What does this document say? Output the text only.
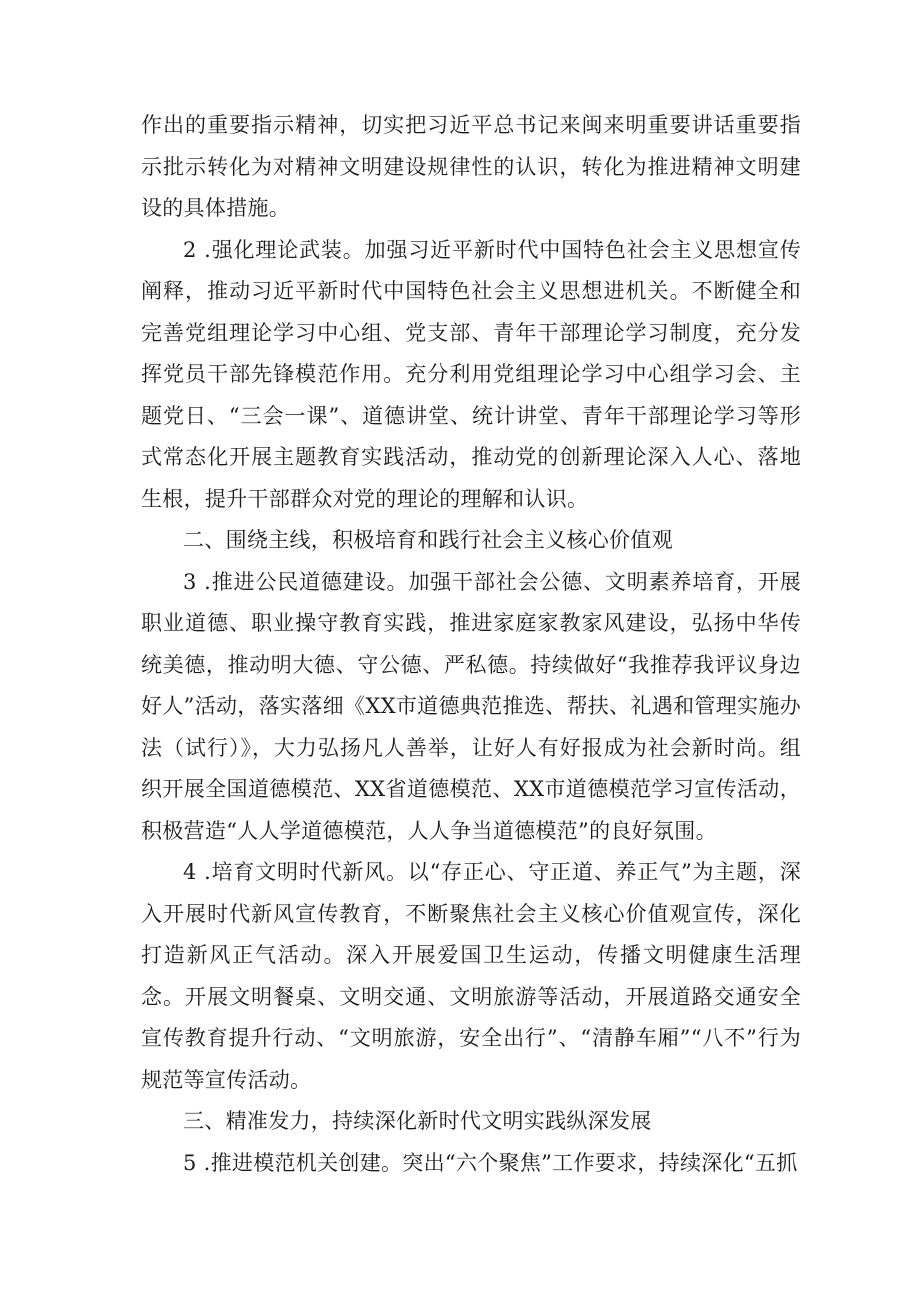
作出的重要指示精神，切实把习近平总书记来闽来明重要讲话重要指示批示转化为对精神文明建设规律性的认识，转化为推进精神文明建设的具体措施。

2 .强化理论武装。加强习近平新时代中国特色社会主义思想宣传阐释，推动习近平新时代中国特色社会主义思想进机关。不断健全和完善党组理论学习中心组、党支部、青年干部理论学习制度，充分发挥党员干部先锋模范作用。充分利用党组理论学习中心组学习会、主题党日、“三会一课”、道德讲堂、统计讲堂、青年干部理论学习等形式常态化开展主题教育实践活动，推动党的创新理论深入人心、落地生根，提升干部群众对党的理论的理解和认识。

二、围绕主线，积极培育和践行社会主义核心价值观

3 .推进公民道德建设。加强干部社会公德、文明素养培育，开展职业道德、职业操守教育实践，推进家庭家教家风建设，弘扬中华传统美德，推动明大德、守公德、严私德。持续做好“我推荐我评议身边好人”活动，落实落细《XX市道德典范推选、帮扶、礼遇和管理实施办法（试行）》，大力弘扬凡人善举，让好人有好报成为社会新时尚。组织开展全国道德模范、XX省道德模范、XX市道德模范学习宣传活动，积极营造“人人学道德模范，人人争当道德模范”的良好氛围。

4 .培育文明时代新风。以“存正心、守正道、养正气”为主题，深入开展时代新风宣传教育，不断聚焦社会主义核心价值观宣传，深化打造新风正气活动。深入开展爱国卫生运动，传播文明健康生活理念。开展文明餐桌、文明交通、文明旅游等活动，开展道路交通安全宣传教育提升行动、“文明旅游，安全出行”、“清静车厢”“八不”行为规范等宣传活动。

三、精准发力，持续深化新时代文明实践纵深发展

5 .推进模范机关创建。突出“六个聚焦”工作要求，持续深化“五抓
